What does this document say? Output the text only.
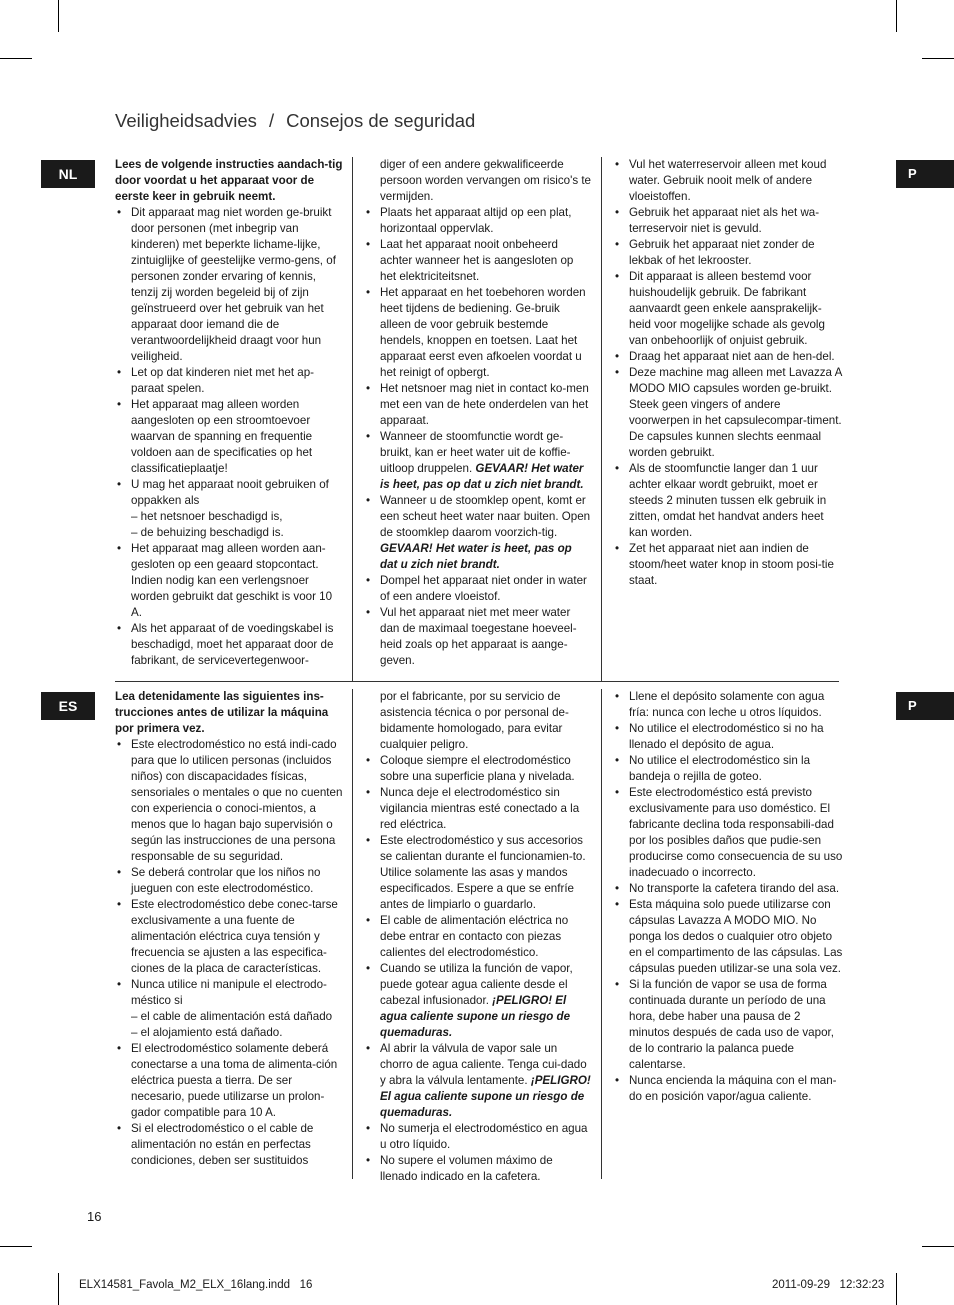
Veiligheidsadvies / Consejos de seguridad
NL
ES
P
P

Lees de volgende instructies aandach-tig door voordat u het apparaat voor de eerste keer in gebruik neemt.

• Dit apparaat mag niet worden ge-bruikt door personen (met inbegrip van kinderen) met beperkte lichame-lijke, zintuiglijke of geestelijke vermo-gens, of personen zonder ervaring of kennis, tenzij zij worden begeleid bij of zijn geïnstrueerd over het gebruik van het apparaat door iemand die de verantwoordelijkheid draagt voor hun veiligheid.
• Let op dat kinderen niet met het ap-paraat spelen.
• Het apparaat mag alleen worden aangesloten op een stroomtoevoer waarvan de spanning en frequentie voldoen aan de specificaties op het classificatieplaatje!
• U mag het apparaat nooit gebruiken of oppakken als
– het netsnoer beschadigd is,
– de behuizing beschadigd is.
• Het apparaat mag alleen worden aan-gesloten op een geaard stopcontact. Indien nodig kan een verlengsnoer worden gebruikt dat geschikt is voor 10 A.
• Als het apparaat of de voedingskabel is beschadigd, moet het apparaat door de fabrikant, de servicevertegenwoor-

diger of een andere gekwalificeerde persoon worden vervangen om risico's te vermijden.

• Plaats het apparaat altijd op een plat, horizontaal oppervlak.
• Laat het apparaat nooit onbeheerd achter wanneer het is aangesloten op het elektriciteitsnet.
• Het apparaat en het toebehoren worden heet tijdens de bediening. Ge-bruik alleen de voor gebruik bestemde hendels, knoppen en toetsen. Laat het apparaat eerst even afkoelen voordat u het reinigt of opbergt.
• Het netsnoer mag niet in contact ko-men met een van de hete onderdelen van het apparaat.
• Wanneer de stoomfunctie wordt ge-bruikt, kan er heet water uit de koffie-uitloop druppelen. GEVAAR! Het water is heet, pas op dat u zich niet brandt.
• Wanneer u de stoomklep opent, komt er een scheut heet water naar buiten. Open de stoomklep daarom voorzich-tig. GEVAAR! Het water is heet, pas op dat u zich niet brandt.
• Dompel het apparaat niet onder in water of een andere vloeistof.
• Vul het apparaat niet met meer water dan de maximaal toegestane hoeveel-heid zoals op het apparaat is aange-geven.
• Vul het waterreservoir alleen met koud water. Gebruik nooit melk of andere vloeistoffen.
• Gebruik het apparaat niet als het wa-terreservoir niet is gevuld.
• Gebruik het apparaat niet zonder de lekbak of het lekrooster.
• Dit apparaat is alleen bestemd voor huishoudelijk gebruik. De fabrikant aanvaardt geen enkele aansprakelijk-heid voor mogelijke schade als gevolg van onbehoorlijk of onjuist gebruik.
• Draag het apparaat niet aan de hen-del.
• Deze machine mag alleen met Lavazza A MODO MIO capsules worden ge-bruikt. Steek geen vingers of andere voorwerpen in het capsulecompar-timent. De capsules kunnen slechts eenmaal worden gebruikt.
• Als de stoomfunctie langer dan 1 uur achter elkaar wordt gebruikt, moet er steeds 2 minuten tussen elk gebruik in zitten, omdat het handvat anders heet kan worden.
• Zet het apparaat niet aan indien de stoom/heet water knop in stoom posi-tie staat.

Lea detenidamente las siguientes ins-trucciones antes de utilizar la máquina por primera vez.

• Este electrodoméstico no está indi-cado para que lo utilicen personas (incluidos niños) con discapacidades físicas, sensoriales o mentales o que no cuenten con experiencia o conoci-mientos, a menos que lo hagan bajo supervisión o según las instrucciones de una persona responsable de su seguridad.
• Se deberá controlar que los niños no jueguen con este electrodoméstico.
• Este electrodoméstico debe conec-tarse exclusivamente a una fuente de alimentación eléctrica cuya tensión y frecuencia se ajusten a las especifica-ciones de la placa de características.
• Nunca utilice ni manipule el electrodo-méstico si
– el cable de alimentación está dañado
– el alojamiento está dañado.
• El electrodoméstico solamente deberá conectarse a una toma de alimenta-ción eléctrica puesta a tierra. De ser necesario, puede utilizarse un prolon-gador compatible para 10 A.
• Si el electrodoméstico o el cable de alimentación no están en perfectas condiciones, deben ser sustituidos

por el fabricante, por su servicio de asistencia técnica o por personal de-bidamente homologado, para evitar cualquier peligro.

• Coloque siempre el electrodoméstico sobre una superficie plana y nivelada.
• Nunca deje el electrodoméstico sin vigilancia mientras esté conectado a la red eléctrica.
• Este electrodoméstico y sus accesorios se calientan durante el funcionamien-to. Utilice solamente las asas y mandos especificados. Espere a que se enfríe antes de limpiarlo o guardarlo.
• El cable de alimentación eléctrica no debe entrar en contacto con piezas calientes del electrodoméstico.
• Cuando se utiliza la función de vapor, puede gotear agua caliente desde el cabezal infusionador. ¡PELIGRO! El agua caliente supone un riesgo de quemaduras.
• Al abrir la válvula de vapor sale un chorro de agua caliente. Tenga cui-dado y abra la válvula lentamente. ¡PELIGRO! El agua caliente supone un riesgo de quemaduras.
• No sumerja el electrodoméstico en agua u otro líquido.
• No supere el volumen máximo de llenado indicado en la cafetera.
• Llene el depósito solamente con agua fría: nunca con leche u otros líquidos.
• No utilice el electrodoméstico si no ha llenado el depósito de agua.
• No utilice el electrodoméstico sin la bandeja o rejilla de goteo.
• Este electrodoméstico está previsto exclusivamente para uso doméstico. El fabricante declina toda responsabili-dad por los posibles daños que pudie-sen producirse como consecuencia de su uso inadecuado o incorrecto.
• No transporte la cafetera tirando del asa.
• Esta máquina solo puede utilizarse con cápsulas Lavazza A MODO MIO. No ponga los dedos o cualquier otro objeto en el compartimento de las cápsulas. Las cápsulas pueden utilizar-se una sola vez.
• Si la función de vapor se usa de forma continuada durante un período de una hora, debe haber una pausa de 2 minutos después de cada uso de vapor, de lo contrario la palanca puede calentarse.
• Nunca encienda la máquina con el man-do en posición vapor/agua caliente.
16
ELX14581_Favola_M2_ELX_16lang.indd   16	2011-09-29   12:32:23
